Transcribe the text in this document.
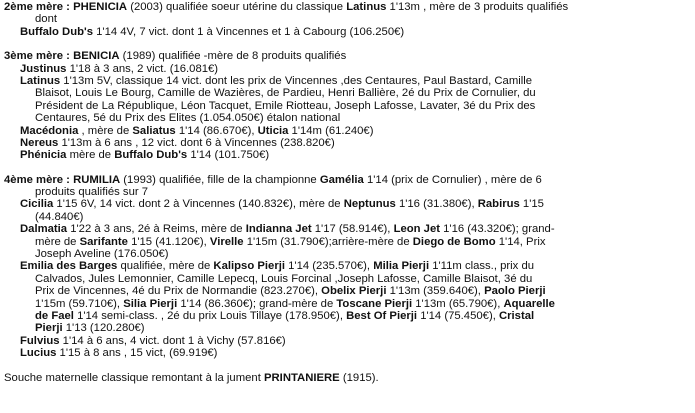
2ème mère : PHENICIA (2003) qualifiée soeur utérine du classique Latinus 1'13m , mère de 3 produits qualifiés
dont
Buffalo Dub's 1'14 4V, 7 vict. dont 1 à Vincennes et 1 à Cabourg (106.250€)
3ème mère : BENICIA (1989) qualifiée -mère de 8 produits qualifiés
Justinus 1'18 à 3 ans, 2 vict. (16.081€)
Latinus 1'13m 5V, classique 14 vict. dont les prix de Vincennes ,des Centaures, Paul Bastard, Camille
Blaisot, Louis Le Bourg, Camille de Wazières, de Pardieu, Henri Ballière, 2é du Prix de Cornulier, du
Président de La République, Léon Tacquet, Emile Riotteau, Joseph Lafosse, Lavater, 3é du Prix des
Centaures, 5é du Prix des Elites (1.054.050€) étalon national
Macédonia , mère de Saliatus 1'14 (86.670€), Uticia 1'14m (61.240€)
Nereus 1'13m à 6 ans , 12 vict. dont 6 à Vincennes (238.820€)
Phénicia mère de Buffalo Dub's 1'14 (101.750€)
4ème mère : RUMILIA (1993) qualifiée, fille de la championne Gamélia 1'14 (prix de Cornulier) , mère de 6
produits qualifiés sur 7
Cicilia 1'15 6V, 14 vict. dont 2 à Vincennes (140.832€), mère de Neptunus 1'16 (31.380€), Rabirus 1'15
(44.840€)
Dalmatia 1'22 à 3 ans, 2é à Reims, mère de Indianna Jet 1'17 (58.914€), Leon Jet 1'16 (43.320€); grand-
mère de Sarifante 1'15 (41.120€), Virelle 1'15m (31.790€);arrière-mère de Diego de Bomo 1'14, Prix
Joseph Aveline (176.050€)
Emilia des Barges qualifiée, mère de Kalipso Pierji 1'14 (235.570€), Milia Pierji 1'11m class., prix du
Calvados, Jules Lemonnier, Camille Lepecq, Louis Forcinal ,Joseph Lafosse, Camille Blaisot, 3é du
Prix de Vincennes, 4é du Prix de Normandie (823.270€), Obelix Pierji 1'13m (359.640€), Paolo Pierji
1'15m (59.710€), Silia Pierji 1'14 (86.360€); grand-mère de Toscane Pierji 1'13m (65.790€), Aquarelle
de Fael 1'14 semi-class. , 2é du prix Louis Tillaye (178.950€), Best Of Pierji 1'14 (75.450€), Cristal
Pierji 1'13 (120.280€)
Fulvius 1'14 à 6 ans, 4 vict. dont 1 à Vichy (57.816€)
Lucius 1'15 à 8 ans , 15 vict, (69.919€)
Souche maternelle classique remontant à la jument PRINTANIERE (1915).
